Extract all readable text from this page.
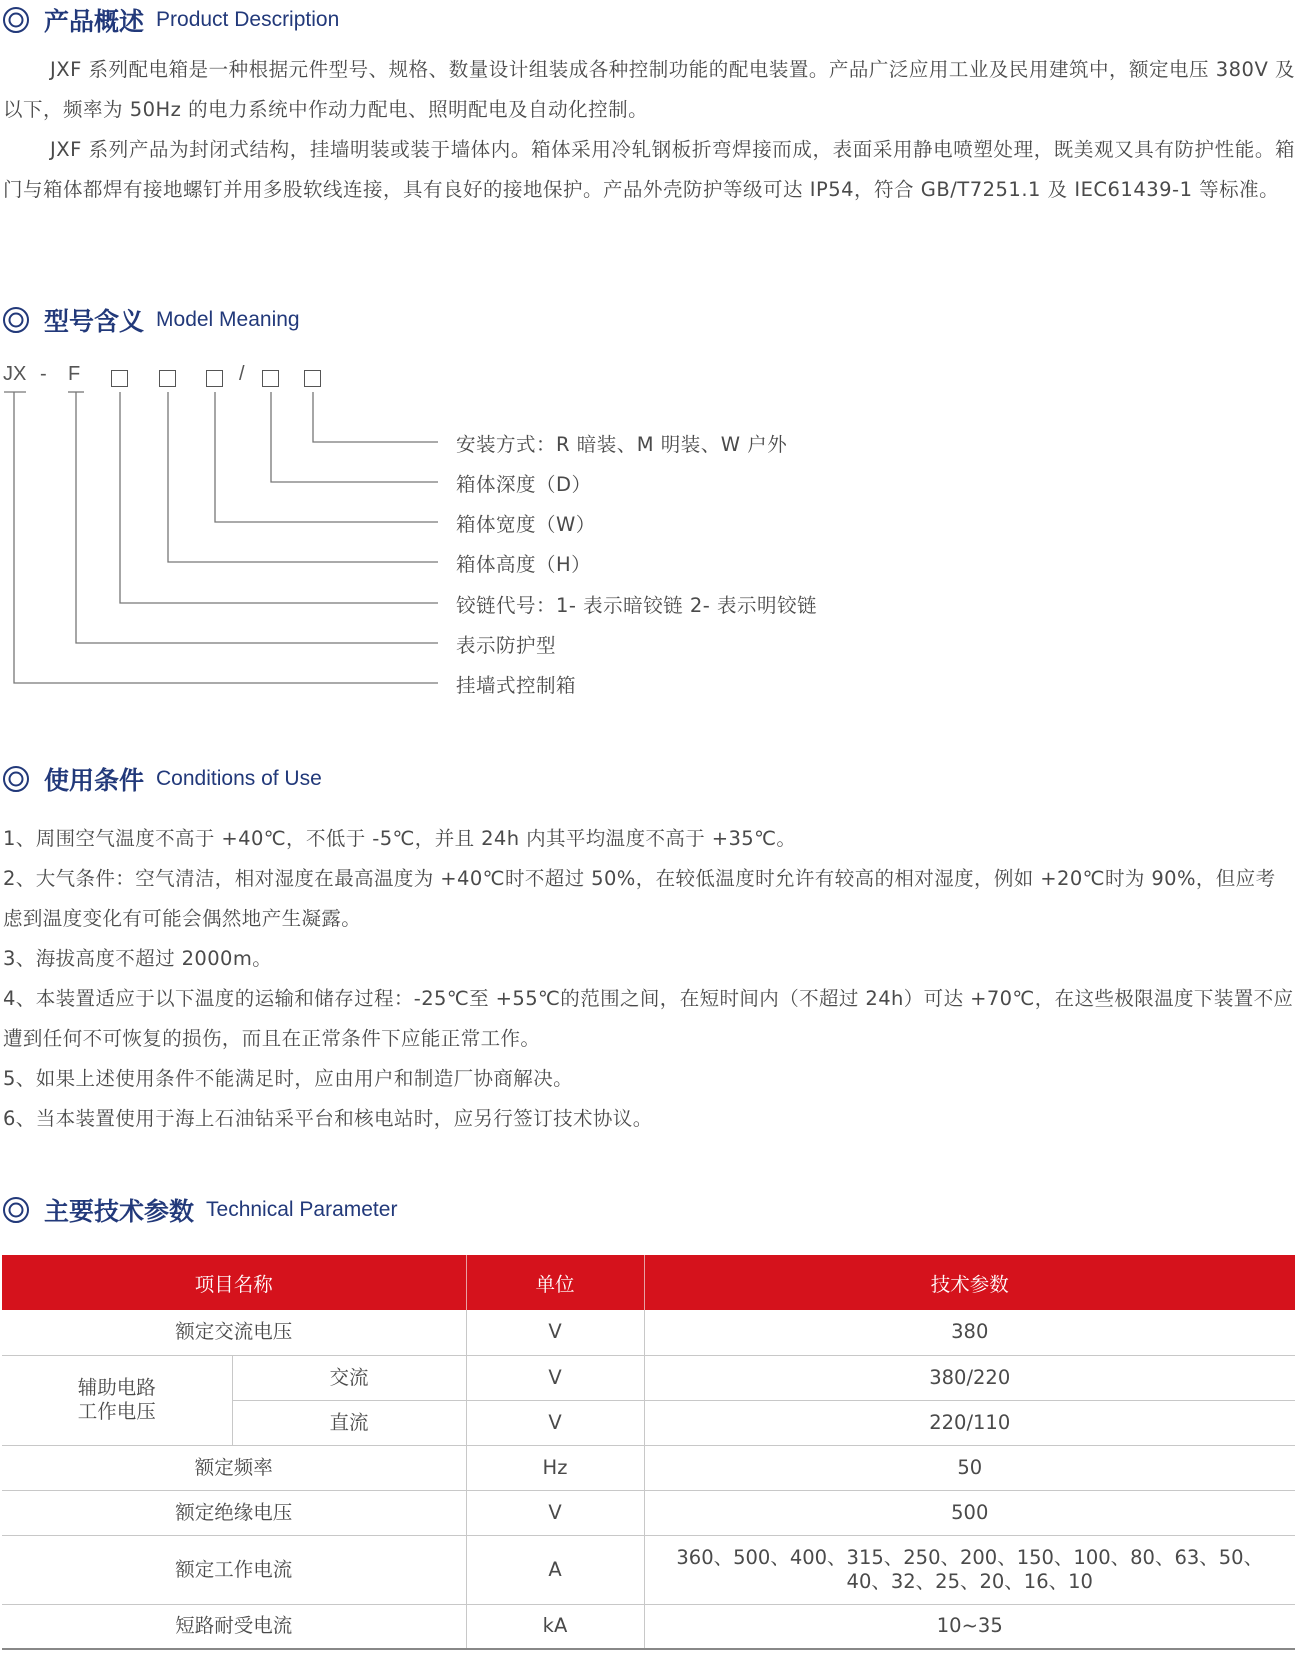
产品概述 Product Description

JXF 系列配电箱是一种根据元件型号、规格、数量设计组装成各种控制功能的配电装置。产品广泛应用工业及民用建筑中，额定电压 380V 及以下，频率为 50Hz 的电力系统中作动力配电、照明配电及自动化控制。

JXF 系列产品为封闭式结构，挂墙明装或装于墙体内。箱体采用冷轧钢板折弯焊接而成，表面采用静电喷塑处理，既美观又具有防护性能。箱门与箱体都焊有接地螺钉并用多股软线连接，具有良好的接地保护。产品外壳防护等级可达 IP54，符合 GB/T7251.1 及 IEC61439-1 等标准。

型号含义 Model Meaning
JX - F	/
安装方式：R 暗装、M 明装、W 户外
箱体深度（D）
箱体宽度（W）
箱体高度（H）
铰链代号：1- 表示暗铰链 2- 表示明铰链
表示防护型
挂墙式控制箱
使用条件 Conditions of Use
1、周围空气温度不高于 +40℃，不低于 -5℃，并且 24h 内其平均温度不高于 +35℃。
2、大气条件：空气清洁，相对湿度在最高温度为 +40℃时不超过 50%，在较低温度时允许有较高的相对湿度，例如 +20℃时为 90%，但应考虑到温度变化有可能会偶然地产生凝露。
3、海拔高度不超过 2000m。
4、本装置适应于以下温度的运输和储存过程：-25℃至 +55℃的范围之间，在短时间内（不超过 24h）可达 +70℃，在这些极限温度下装置不应遭到任何不可恢复的损伤，而且在正常条件下应能正常工作。
5、如果上述使用条件不能满足时，应由用户和制造厂协商解决。
6、当本装置使用于海上石油钻采平台和核电站时，应另行签订技术协议。
主要技术参数 Technical Parameter
项目名称		单位	技术参数
额定交流电压		V	380
辅助电路
工作电压	交流	V	380/220
	直流	V	220/110
额定频率		Hz	50
额定绝缘电压		V	500
额定工作电流		A	360、500、400、315、250、200、150、100、80、63、50、40、32、25、20、16、10
短路耐受电流		kA	10~35
